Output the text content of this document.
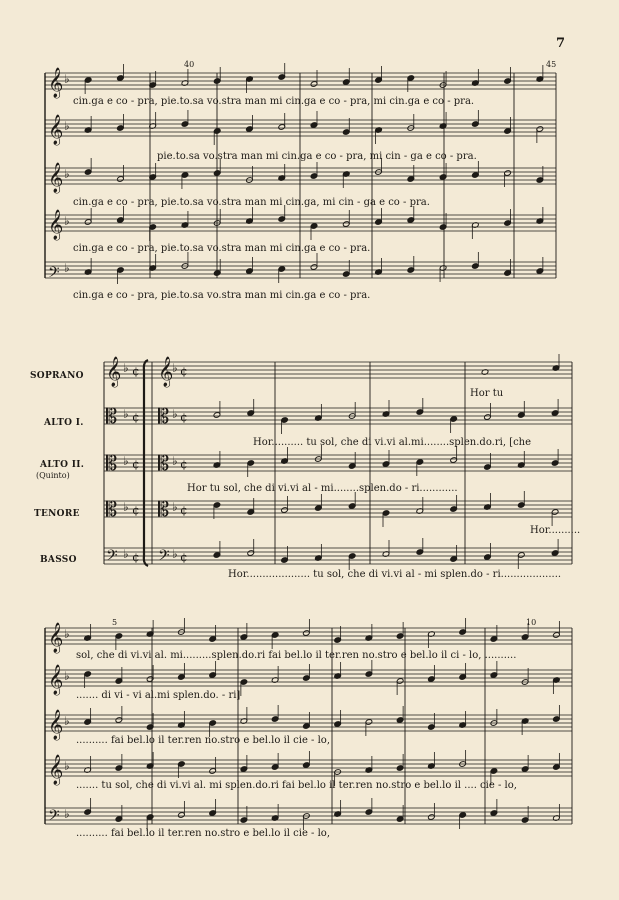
𝄞 ♭
𝄞 ♭
𝄞 ♭
𝄞 ♭
𝄢 ♭
𝄞 ♭ ¢ 𝄞
♭ ¢
𝄡 ♭ ¢ 𝄡 ♭ ¢
𝄡 ♭ ¢ 𝄡 ♭ ¢
𝄡 ♭ ¢ 𝄡 ♭ ¢
𝄢 ♭ ¢ 𝄢 ♭ ¢
𝄞 ♭
𝄞 ♭
𝄞 ♭
𝄞 ♭
𝄢 ♭
7
40	45
5	10
cin.ga e co - pra, pie.to.sa vo.stra man mi cin.ga e co - pra, mi cin.ga e co - pra.
pie.to.sa vo.stra man mi cin.ga e co - pra, mi cin - ga e co - pra.
cin.ga e co - pra, pie.to.sa vo.stra man mi cin.ga, mi cin - ga e co - pra.
cin.ga e co - pra, pie.to.sa vo.stra man mi cin.ga e co - pra.
cin.ga e co - pra, pie.to.sa vo.stra man mi cin.ga e co - pra.
SOPRANO
ALTO I.
ALTO II.
(Quinto)
TENORE
BASSO
Hor tu
Hor.......... tu sol, che di vi.vi al.mi........splen.do.ri, [che
Hor tu sol, che di vi.vi al - mi........splen.do - ri............
Hor..........
Hor.................... tu sol, che di vi.vi al - mi splen.do - ri...................
sol, che di vi.vi al. mi.........splen.do.ri fai bel.lo il ter.ren no.stro e bel.lo il ci - lo, ..........
....... di vi - vi al.mi splen.do. - ri]
.......... fai bel.lo il ter.ren no.stro e bel.lo il cie - lo,
....... tu sol, che di vi.vi al. mi splen.do.ri fai bel.lo il ter.ren no.stro e bel.lo il .... cie - lo,
.......... fai bel.lo il ter.ren no.stro e bel.lo il cie - lo,
